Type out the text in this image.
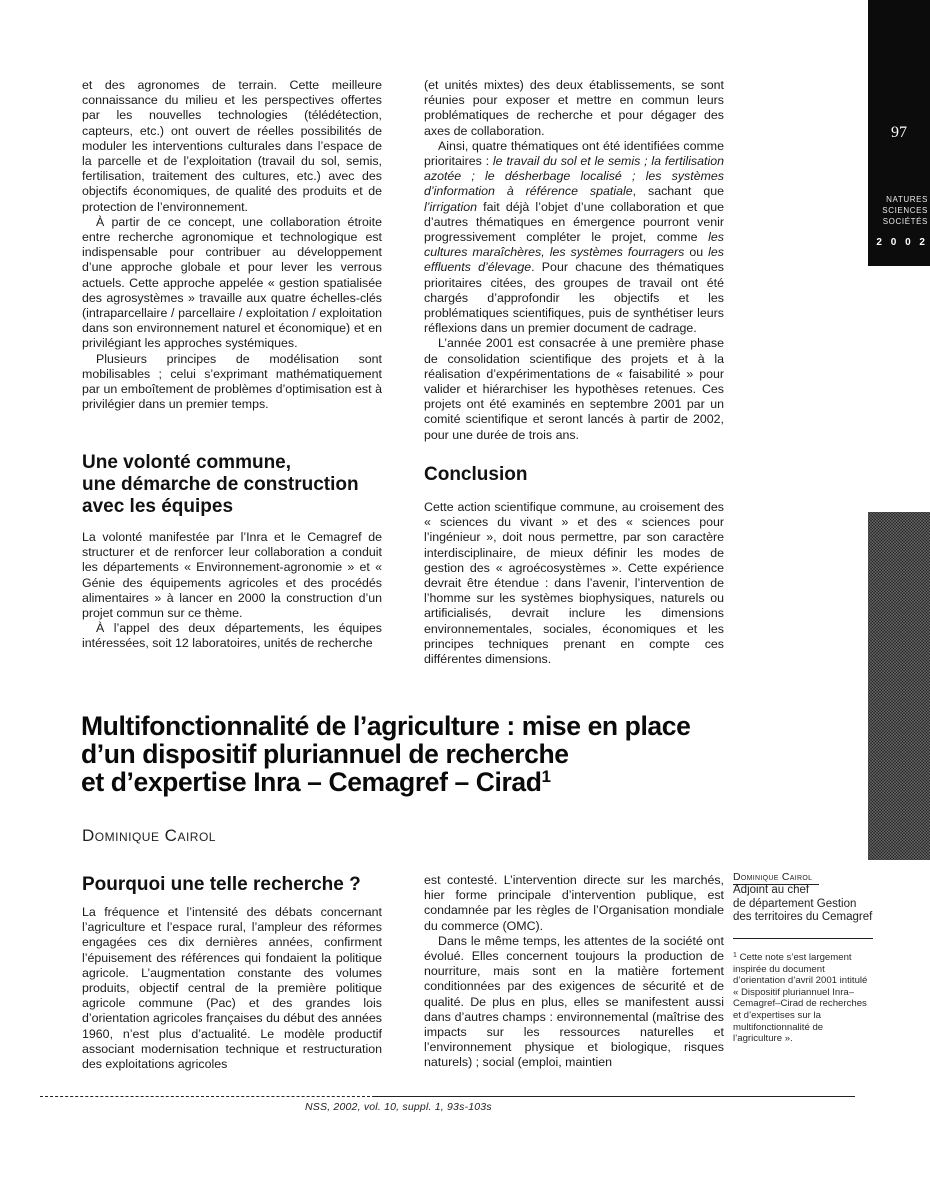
97
NATURES
SCIENCES
SOCIÉTÉS
2 0 0 2

et des agronomes de terrain. Cette meilleure connaissance du milieu et les perspectives offertes par les nouvelles technologies (télédétection, capteurs, etc.) ont ouvert de réelles possibilités de moduler les interventions culturales dans l’espace de la parcelle et de l’exploitation (travail du sol, semis, fertilisation, traitement des cultures, etc.) avec des objectifs économiques, de qualité des produits et de protection de l’environnement.

À partir de ce concept, une collaboration étroite entre recherche agronomique et technologique est indispensable pour contribuer au développement d’une approche globale et pour lever les verrous actuels. Cette approche appelée « gestion spatialisée des agrosystèmes » travaille aux quatre échelles-clés (intraparcellaire / parcellaire / exploitation / exploitation dans son environnement naturel et économique) et en privilégiant les approches systémiques.

Plusieurs principes de modélisation sont mobilisables ; celui s’exprimant mathématiquement par un emboîtement de problèmes d’optimisation est à privilégier dans un premier temps.

Une volonté commune,
une démarche de construction
avec les équipes

La volonté manifestée par l’Inra et le Cemagref de structurer et de renforcer leur collaboration a conduit les départements « Environnement-agronomie » et « Génie des équipements agricoles et des procédés alimentaires » à lancer en 2000 la construction d’un projet commun sur ce thème.

À l’appel des deux départements, les équipes intéressées, soit 12 laboratoires, unités de recherche

(et unités mixtes) des deux établissements, se sont réunies pour exposer et mettre en commun leurs problématiques de recherche et pour dégager des axes de collaboration.

Ainsi, quatre thématiques ont été identifiées comme prioritaires : le travail du sol et le semis ; la fertilisation azotée ; le désherbage localisé ; les systèmes d’information à référence spatiale, sachant que l’irrigation fait déjà l’objet d’une collaboration et que d’autres thématiques en émergence pourront venir progressivement compléter le projet, comme les cultures maraîchères, les systèmes fourragers ou les effluents d’élevage. Pour chacune des thématiques prioritaires citées, des groupes de travail ont été chargés d’approfondir les objectifs et les problématiques scientifiques, puis de synthétiser leurs réflexions dans un premier document de cadrage.

L’année 2001 est consacrée à une première phase de consolidation scientifique des projets et à la réalisation d’expérimentations de « faisabilité » pour valider et hiérarchiser les hypothèses retenues. Ces projets ont été examinés en septembre 2001 par un comité scientifique et seront lancés à partir de 2002, pour une durée de trois ans.

Conclusion

Cette action scientifique commune, au croisement des « sciences du vivant » et des « sciences pour l’ingénieur », doit nous permettre, par son caractère interdisciplinaire, de mieux définir les modes de gestion des « agroécosystèmes ». Cette expérience devrait être étendue : dans l’avenir, l’intervention de l’homme sur les systèmes biophysiques, naturels ou artificialisés, devrait inclure les dimensions environnementales, sociales, économiques et les principes techniques prenant en compte ces différentes dimensions.

Multifonctionnalité de l’agriculture : mise en place
d’un dispositif pluriannuel de recherche
et d’expertise Inra – Cemagref – Cirad$^1$
Dominique Cairol
Pourquoi une telle recherche ?

La fréquence et l’intensité des débats concernant l’agriculture et l’espace rural, l’ampleur des réformes engagées ces dix dernières années, confirment l’épuisement des références qui fondaient la politique agricole. L’augmentation constante des volumes produits, objectif central de la première politique agricole commune (Pac) et des grandes lois d’orientation agricoles françaises du début des années 1960, n’est plus d’actualité. Le modèle productif associant modernisation technique et restructuration des exploitations agricoles

est contesté. L’intervention directe sur les marchés, hier forme principale d’intervention publique, est condamnée par les règles de l’Organisation mondiale du commerce (OMC).

Dans le même temps, les attentes de la société ont évolué. Elles concernent toujours la production de nourriture, mais sont en la matière fortement conditionnées par des exigences de sécurité et de qualité. De plus en plus, elles se manifestent aussi dans d’autres champs : environnemental (maîtrise des impacts sur les ressources naturelles et l’environnement physique et biologique, risques naturels) ; social (emploi, maintien

Dominique Cairol
Adjoint au chef
de département Gestion
des territoires du Cemagref
$^1$ Cette note s’est largement inspirée du document d’orientation d’avril 2001 intitulé « Dispositif pluriannuel Inra–Cemagref–Cirad de recherches et d’expertises sur la multifonctionnalité de l’agriculture ».
NSS, 2002, vol. 10, suppl. 1, 93s-103s
